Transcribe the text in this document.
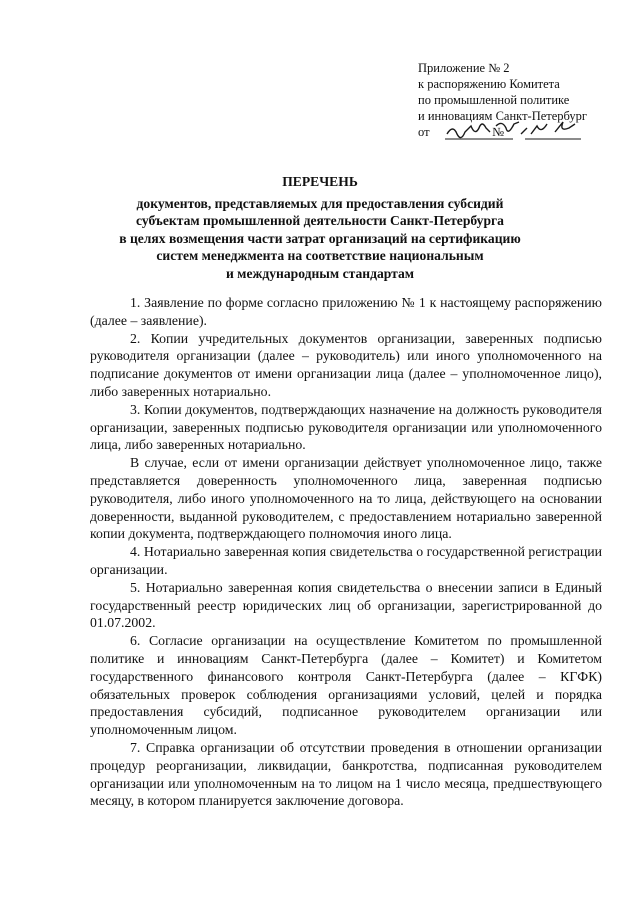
Приложение № 2
к распоряжению Комитета
по промышленной политике
и инновациям Санкт-Петербург
от	№
ПЕРЕЧЕНЬ
документов, представляемых для предоставления субсидий
субъектам промышленной деятельности Санкт-Петербурга
в целях возмещения части затрат организаций на сертификацию
систем менеджмента на соответствие национальным
и международным стандартам

1. Заявление по форме согласно приложению № 1 к настоящему распоряжению (далее – заявление).

2. Копии учредительных документов организации, заверенных подписью руководителя организации (далее – руководитель) или иного уполномоченного на подписание документов от имени организации лица (далее – уполномоченное лицо), либо заверенных нотариально.

3. Копии документов, подтверждающих назначение на должность руководителя организации, заверенных подписью руководителя организации или уполномоченного лица, либо заверенных нотариально.

В случае, если от имени организации действует уполномоченное лицо, также представляется доверенность уполномоченного лица, заверенная подписью руководителя, либо иного уполномоченного на то лица, действующего на основании доверенности, выданной руководителем, с предоставлением нотариально заверенной копии документа, подтверждающего полномочия иного лица.

4. Нотариально заверенная копия свидетельства о государственной регистрации организации.

5. Нотариально заверенная копия свидетельства о внесении записи в Единый государственный реестр юридических лиц об организации, зарегистрированной до 01.07.2002.

6. Согласие организации на осуществление Комитетом по промышленной политике и инновациям Санкт-Петербурга (далее – Комитет) и Комитетом государственного финансового контроля Санкт-Петербурга (далее – КГФК) обязательных проверок соблюдения организациями условий, целей и порядка предоставления субсидий, подписанное руководителем организации или уполномоченным лицом.

7. Справка организации об отсутствии проведения в отношении организации процедур реорганизации, ликвидации, банкротства, подписанная руководителем организации или уполномоченным на то лицом на 1 число месяца, предшествующего месяцу, в котором планируется заключение договора.
